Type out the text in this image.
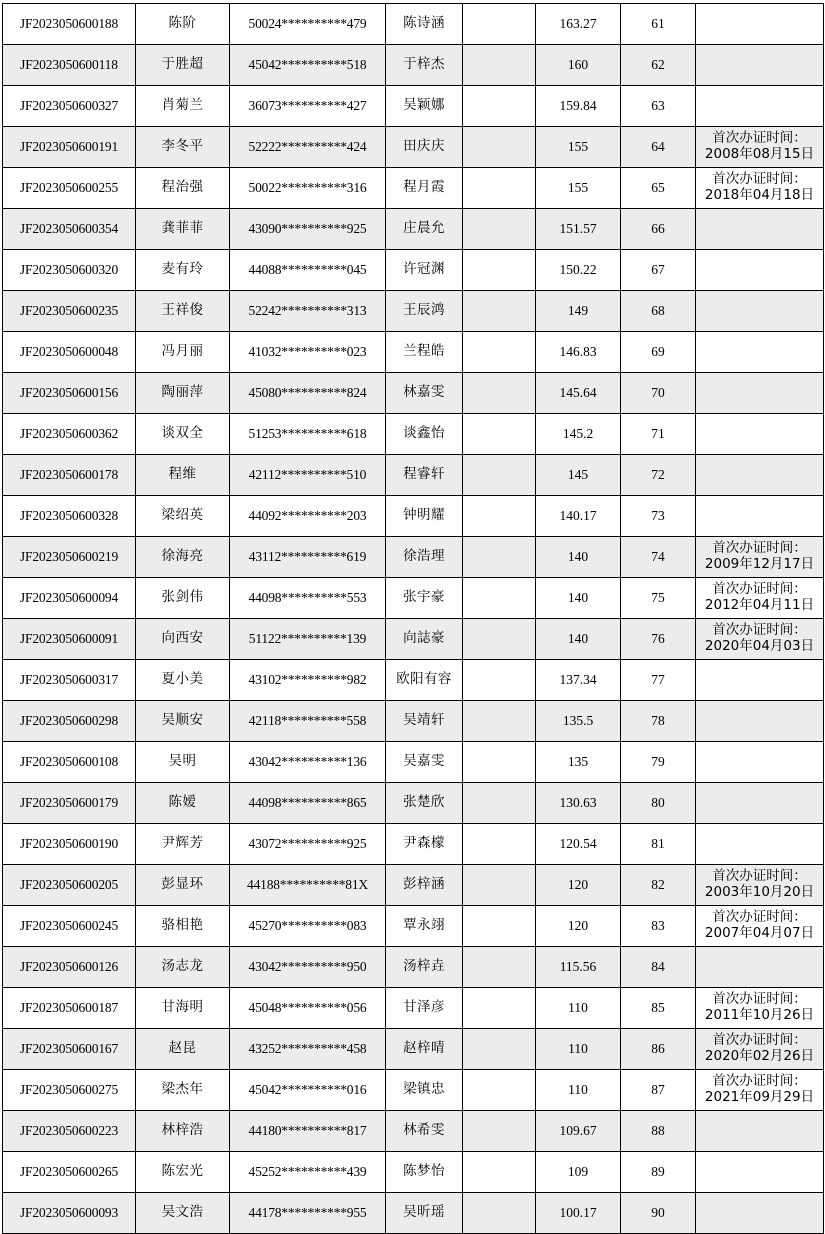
JF2023050600188	陈阶	50024**********479	陈诗涵		163.27	61	
JF2023050600118	于胜超	45042**********518	于梓杰		160	62	
JF2023050600327	肖菊兰	36073**********427	吴颖娜		159.84	63	
JF2023050600191	李冬平	52222**********424	田庆庆		155	64	首次办证时间：
2008年08月15日

JF2023050600255	程治强	50022**********316	程月霞		155	65	首次办证时间：
2018年04月18日

JF2023050600354	龚菲菲	43090**********925	庄晨允		151.57	66	
JF2023050600320	麦有玲	44088**********045	许冠渊		150.22	67	
JF2023050600235	王祥俊	52242**********313	王辰鸿		149	68	
JF2023050600048	冯月丽	41032**********023	兰程皓		146.83	69	
JF2023050600156	陶丽萍	45080**********824	林嘉雯		145.64	70	
JF2023050600362	谈双全	51253**********618	谈鑫怡		145.2	71	
JF2023050600178	程维	42112**********510	程睿轩		145	72	
JF2023050600328	梁绍英	44092**********203	钟明耀		140.17	73	
JF2023050600219	徐海亮	43112**********619	徐浩理		140	74	首次办证时间：
2009年12月17日

JF2023050600094	张剑伟	44098**********553	张宇豪		140	75	首次办证时间：
2012年04月11日

JF2023050600091	向西安	51122**********139	向誌豪		140	76	首次办证时间：
2020年04月03日

JF2023050600317	夏小美	43102**********982	欧阳有容		137.34	77	
JF2023050600298	吴顺安	42118**********558	吴靖轩		135.5	78	
JF2023050600108	吴明	43042**********136	吴嘉雯		135	79	
JF2023050600179	陈嫒	44098**********865	张楚欣		130.63	80	
JF2023050600190	尹辉芳	43072**********925	尹森檬		120.54	81	
JF2023050600205	彭显环	44188**********81X	彭梓涵		120	82	首次办证时间：
2003年10月20日

JF2023050600245	骆相艳	45270**********083	覃永翊		120	83	首次办证时间：
2007年04月07日

JF2023050600126	汤志龙	43042**********950	汤梓垚		115.56	84	
JF2023050600187	甘海明	45048**********056	甘泽彦		110	85	首次办证时间：
2011年10月26日

JF2023050600167	赵昆	43252**********458	赵梓晴		110	86	首次办证时间：
2020年02月26日

JF2023050600275	梁杰年	45042**********016	梁镇忠		110	87	首次办证时间：
2021年09月29日

JF2023050600223	林梓浩	44180**********817	林希雯		109.67	88	
JF2023050600265	陈宏光	45252**********439	陈梦怡		109	89	
JF2023050600093	吴文浩	44178**********955	吴昕瑶		100.17	90	
